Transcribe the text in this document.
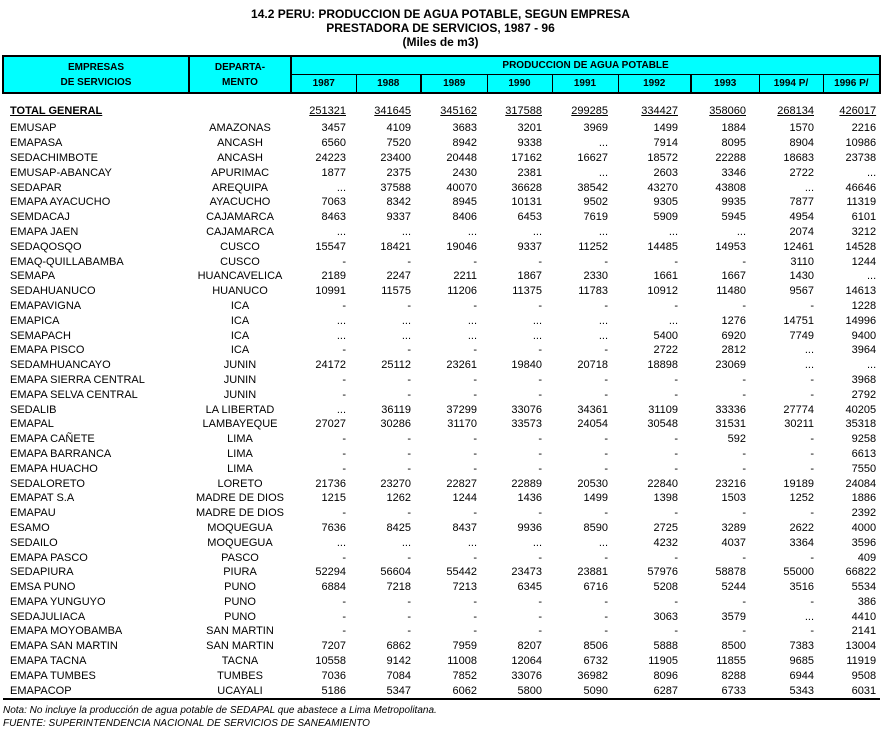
14.2 PERU: PRODUCCION DE AGUA POTABLE, SEGUN EMPRESA
PRESTADORA DE SERVICIOS, 1987 - 96
(Miles de m3)
EMPRESAS
DE SERVICIOS	DEPARTA-
MENTO	PRODUCCION DE AGUA POTABLE								
		1987	1988	1989	1990	1991	1992	1993	1994 P/	1996 P/
TOTAL GENERAL		251321	341645	345162	317588	299285	334427	358060	268134	426017
EMUSAP	AMAZONAS	3457	4109	3683	3201	3969	1499	1884	1570	2216
EMAPASA	ANCASH	6560	7520	8942	9338	...	7914	8095	8904	10986
SEDACHIMBOTE	ANCASH	24223	23400	20448	17162	16627	18572	22288	18683	23738
EMUSAP-ABANCAY	APURIMAC	1877	2375	2430	2381	...	2603	3346	2722	...
SEDAPAR	AREQUIPA	...	37588	40070	36628	38542	43270	43808	...	46646
EMAPA AYACUCHO	AYACUCHO	7063	8342	8945	10131	9502	9305	9935	7877	11319
SEMDACAJ	CAJAMARCA	8463	9337	8406	6453	7619	5909	5945	4954	6101
EMAPA JAEN	CAJAMARCA	...	...	...	...	...	...	...	2074	3212
SEDAQOSQO	CUSCO	15547	18421	19046	9337	11252	14485	14953	12461	14528
EMAQ-QUILLABAMBA	CUSCO	-	-	-	-	-	-	-	3110	1244
SEMAPA	HUANCAVELICA	2189	2247	2211	1867	2330	1661	1667	1430	...
SEDAHUANUCO	HUANUCO	10991	11575	11206	11375	11783	10912	11480	9567	14613
EMAPAVIGNA	ICA	-	-	-	-	-	-	-	-	1228
EMAPICA	ICA	...	...	...	...	...	...	1276	14751	14996
SEMAPACH	ICA	...	...	...	...	...	5400	6920	7749	9400
EMAPA PISCO	ICA	-	-	-	-	-	2722	2812	...	3964
SEDAMHUANCAYO	JUNIN	24172	25112	23261	19840	20718	18898	23069	...	...
EMAPA SIERRA CENTRAL	JUNIN	-	-	-	-	-	-	-	-	3968
EMAPA SELVA CENTRAL	JUNIN	-	-	-	-	-	-	-	-	2792
SEDALIB	LA LIBERTAD	...	36119	37299	33076	34361	31109	33336	27774	40205
EMAPAL	LAMBAYEQUE	27027	30286	31170	33573	24054	30548	31531	30211	35318
EMAPA CAÑETE	LIMA	-	-	-	-	-	-	592	-	9258
EMAPA BARRANCA	LIMA	-	-	-	-	-	-	-	-	6613
EMAPA HUACHO	LIMA	-	-	-	-	-	-	-	-	7550
SEDALORETO	LORETO	21736	23270	22827	22889	20530	22840	23216	19189	24084
EMAPAT S.A	MADRE DE DIOS	1215	1262	1244	1436	1499	1398	1503	1252	1886
EMAPAU	MADRE DE DIOS	-	-	-	-	-	-	-	-	2392
ESAMO	MOQUEGUA	7636	8425	8437	9936	8590	2725	3289	2622	4000
SEDAILO	MOQUEGUA	...	...	...	...	...	4232	4037	3364	3596
EMAPA PASCO	PASCO	-	-	-	-	-	-	-	-	409
SEDAPIURA	PIURA	52294	56604	55442	23473	23881	57976	58878	55000	66822
EMSA PUNO	PUNO	6884	7218	7213	6345	6716	5208	5244	3516	5534
EMAPA YUNGUYO	PUNO	-	-	-	-	-	-	-	-	386
SEDAJULIACA	PUNO	-	-	-	-	-	3063	3579	...	4410
EMAPA MOYOBAMBA	SAN MARTIN	-	-	-	-	-	-	-	-	2141
EMAPA SAN MARTIN	SAN MARTIN	7207	6862	7959	8207	8506	5888	8500	7383	13004
EMAPA TACNA	TACNA	10558	9142	11008	12064	6732	11905	11855	9685	11919
EMAPA TUMBES	TUMBES	7036	7084	7852	33076	36982	8096	8288	6944	9508
EMAPACOP	UCAYALI	5186	5347	6062	5800	5090	6287	6733	5343	6031
Nota: No incluye la producción de agua potable de SEDAPAL que abastece a Lima Metropolitana.
FUENTE: SUPERINTENDENCIA NACIONAL DE SERVICIOS DE SANEAMIENTO
